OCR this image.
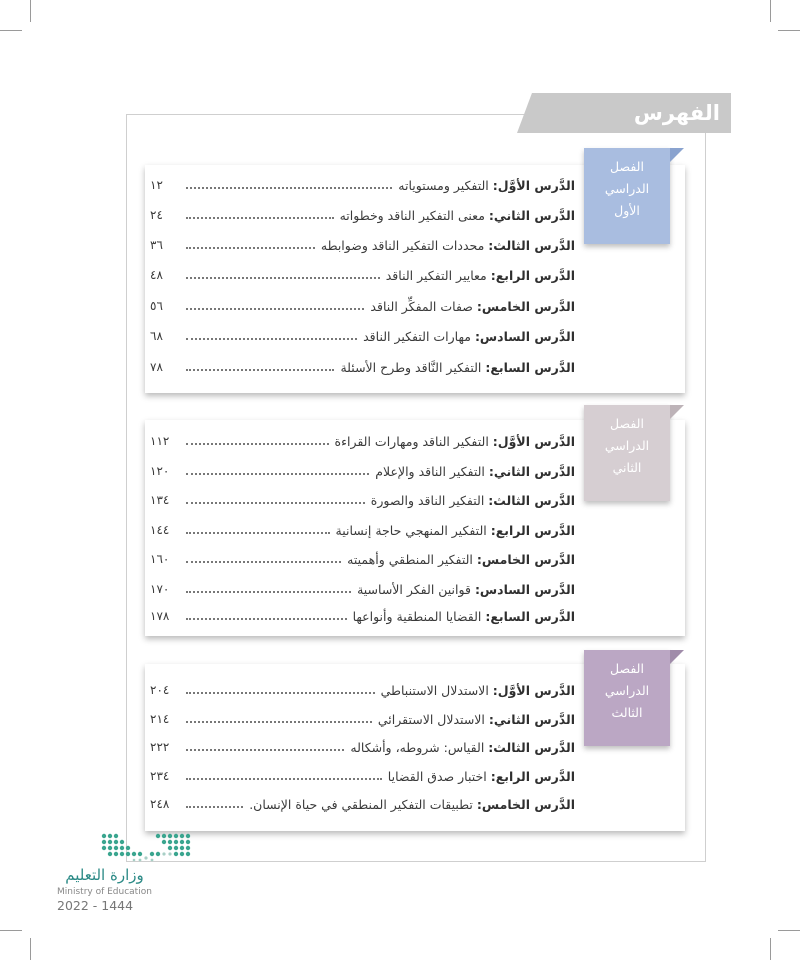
الفهرس
الفصل
الدراسي
الأول
الدَّرس الأوَّل:
التفكير ومستوياته
١٢
الدَّرس الثاني:
معنى التفكير الناقد وخطواته
٢٤
الدَّرس الثالث:
محددات التفكير الناقد وضوابطه
٣٦
الدَّرس الرابع:
معايير التفكير الناقد
٤٨
الدَّرس الخامس:
صفات المفكِّر الناقد
٥٦
الدَّرس السادس:
مهارات التفكير الناقد
٦٨
الدَّرس السابع:
التفكير النَّاقد وطرح الأسئلة
٧٨
الفصل
الدراسي
الثاني
الدَّرس الأوَّل:
التفكير الناقد ومهارات القراءة
١١٢
الدَّرس الثاني:
التفكير الناقد والإعلام
١٢٠
الدَّرس الثالث:
التفكير الناقد والصورة
١٣٤
الدَّرس الرابع:
التفكير المنهجي حاجة إنسانية
١٤٤
الدَّرس الخامس:
التفكير المنطقي وأهميته
١٦٠
الدَّرس السادس:
قوانين الفكر الأساسية
١٧٠
الدَّرس السابع:
القضايا المنطقية وأنواعها
١٧٨
الفصل
الدراسي
الثالث
الدَّرس الأوَّل:
الاستدلال الاستنباطي
٢٠٤
الدَّرس الثاني:
الاستدلال الاستقرائي
٢١٤
الدَّرس الثالث:
القياس: شروطه، وأشكاله
٢٢٢
الدَّرس الرابع:
اختبار صدق القضايا
٢٣٤
الدَّرس الخامس:
تطبيقات التفكير المنطقي في حياة الإنسان.
٢٤٨
وزارة التعليم
Ministry of Education
2022 - 1444
